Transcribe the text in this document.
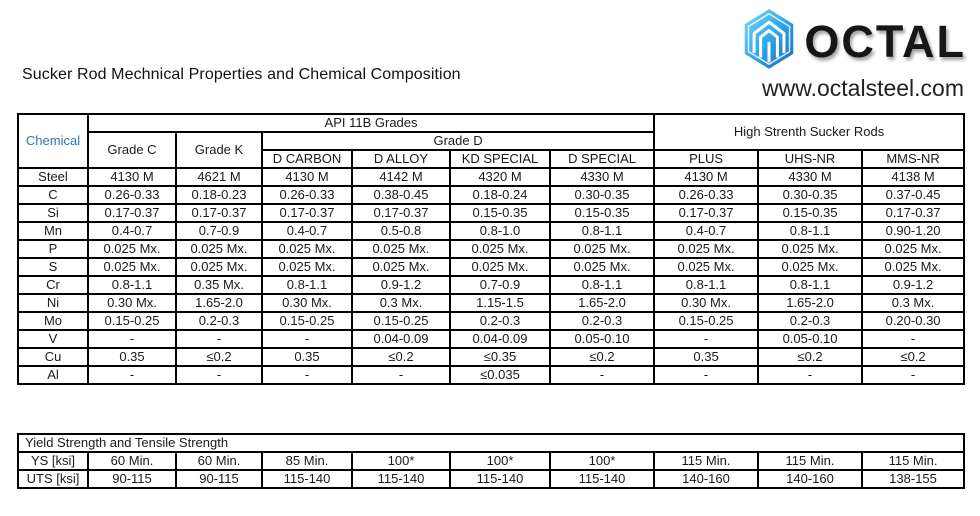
OCTAL
www.octalsteel.com
Sucker Rod Mechnical Properties and Chemical Composition
Chemical	API 11B Grades						High Strenth Sucker Rods		
	Grade C	Grade K	Grade D						
			D CARBON	D ALLOY	KD SPECIAL	D SPECIAL	PLUS	UHS-NR	MMS-NR
Steel	4130 M	4621 M	4130 M	4142 M	4320 M	4330 M	4130 M	4330 M	4138 M
C	0.26-0.33	0.18-0.23	0.26-0.33	0.38-0.45	0.18-0.24	0.30-0.35	0.26-0.33	0.30-0.35	0.37-0.45
Si	0.17-0.37	0.17-0.37	0.17-0.37	0.17-0.37	0.15-0.35	0.15-0.35	0.17-0.37	0.15-0.35	0.17-0.37
Mn	0.4-0.7	0.7-0.9	0.4-0.7	0.5-0.8	0.8-1.0	0.8-1.1	0.4-0.7	0.8-1.1	0.90-1.20
P	0.025 Mx.	0.025 Mx.	0.025 Mx.	0.025 Mx.	0.025 Mx.	0.025 Mx.	0.025 Mx.	0.025 Mx.	0.025 Mx.
S	0.025 Mx.	0.025 Mx.	0.025 Mx.	0.025 Mx.	0.025 Mx.	0.025 Mx.	0.025 Mx.	0.025 Mx.	0.025 Mx.
Cr	0.8-1.1	0.35 Mx.	0.8-1.1	0.9-1.2	0.7-0.9	0.8-1.1	0.8-1.1	0.8-1.1	0.9-1.2
Ni	0.30 Mx.	1.65-2.0	0.30 Mx.	0.3 Mx.	1.15-1.5	1.65-2.0	0.30 Mx.	1.65-2.0	0.3 Mx.
Mo	0.15-0.25	0.2-0.3	0.15-0.25	0.15-0.25	0.2-0.3	0.2-0.3	0.15-0.25	0.2-0.3	0.20-0.30
V	-	-	-	0.04-0.09	0.04-0.09	0.05-0.10	-	0.05-0.10	-
Cu	0.35	≤0.2	0.35	≤0.2	≤0.35	≤0.2	0.35	≤0.2	≤0.2
Al	-	-	-	-	≤0.035	-	-	-	-
Yield Strength and Tensile Strength									
YS [ksi]	60 Min.	60 Min.	85 Min.	100*	100*	100*	115 Min.	115 Min.	115 Min.
UTS [ksi]	90-115	90-115	115-140	115-140	115-140	115-140	140-160	140-160	138-155
